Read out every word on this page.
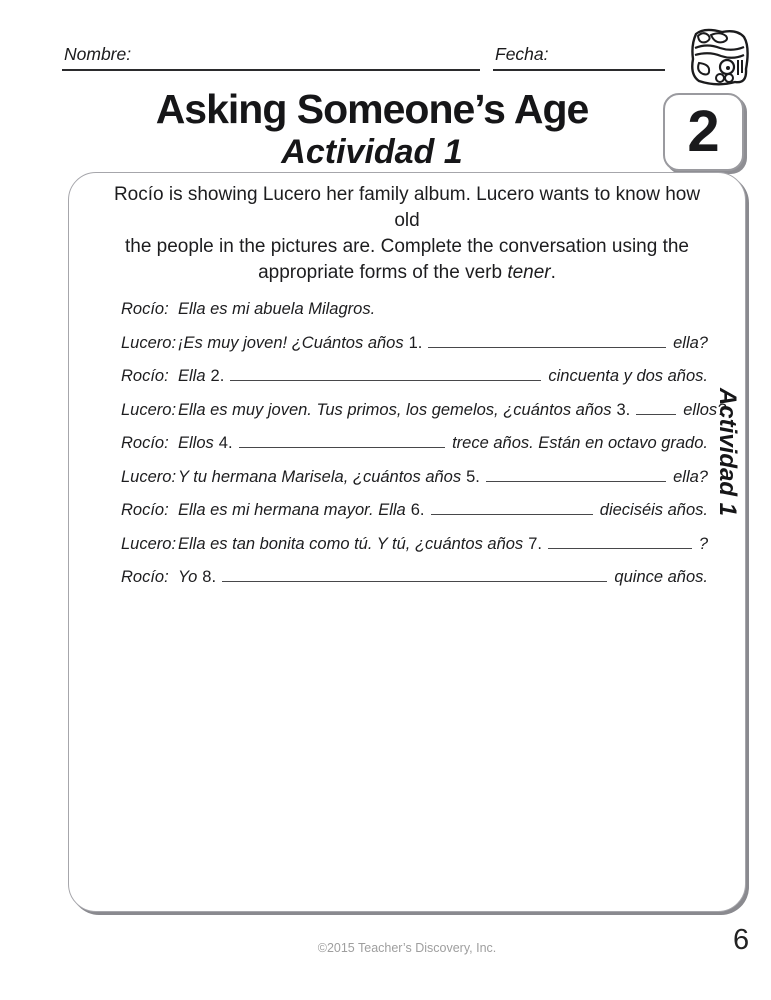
Nombre:	Fecha:
Asking Someone’s Age
Actividad 1	2
Rocío is showing Lucero her family album. Lucero wants to know how old
the people in the pictures are. Complete the conversation using the
appropriate forms of the verb tener.
Rocío: Ella es mi abuela Milagros.
Lucero: ¡Es muy joven! ¿Cuántos años 1.	ella?
Rocío: Ella 2.	cincuenta y dos años.
Lucero: Ella es muy joven. Tus primos, los gemelos, ¿cuántos años 3.	ellos?
Rocío: Ellos 4.	trece años. Están en octavo grado.
Lucero: Y tu hermana Marisela, ¿cuántos años 5.	ella?
Rocío: Ella es mi hermana mayor. Ella 6.	dieciséis años.
Lucero: Ella es tan bonita como tú. Y tú, ¿cuántos años 7.	?
Rocío: Yo 8.	quince años.
Actividad 1
©2015 Teacher’s Discovery, Inc.	6
